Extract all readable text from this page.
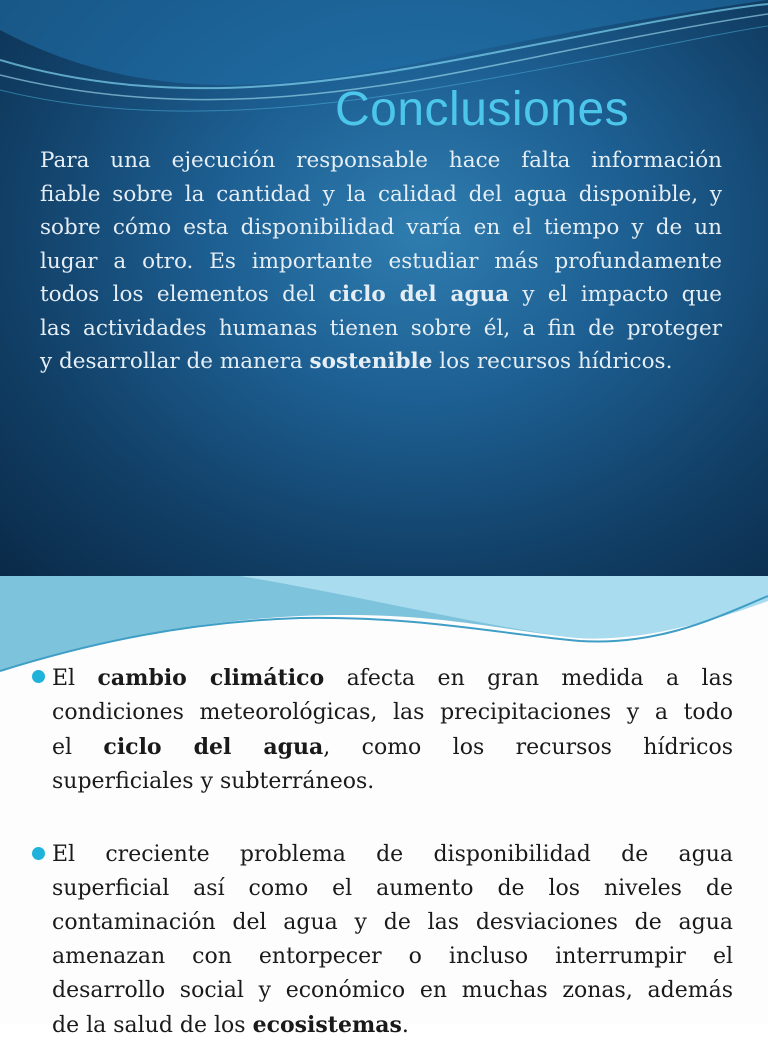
Conclusiones
Para una ejecución responsable hace falta información
fiable sobre la cantidad y la calidad del agua disponible, y
sobre cómo esta disponibilidad varía en el tiempo y de un
lugar a otro. Es importante estudiar más profundamente
todos los elementos del ciclo del agua y el impacto que
las actividades humanas tienen sobre él, a fin de proteger
y desarrollar de manera sostenible los recursos hídricos.
El cambio climático afecta en gran medida a las
condiciones meteorológicas, las precipitaciones y a todo
el ciclo del agua, como los recursos hídricos
superficiales y subterráneos.
El creciente problema de disponibilidad de agua
superficial así como el aumento de los niveles de
contaminación del agua y de las desviaciones de agua
amenazan con entorpecer o incluso interrumpir el
desarrollo social y económico en muchas zonas, además
de la salud de los ecosistemas.
